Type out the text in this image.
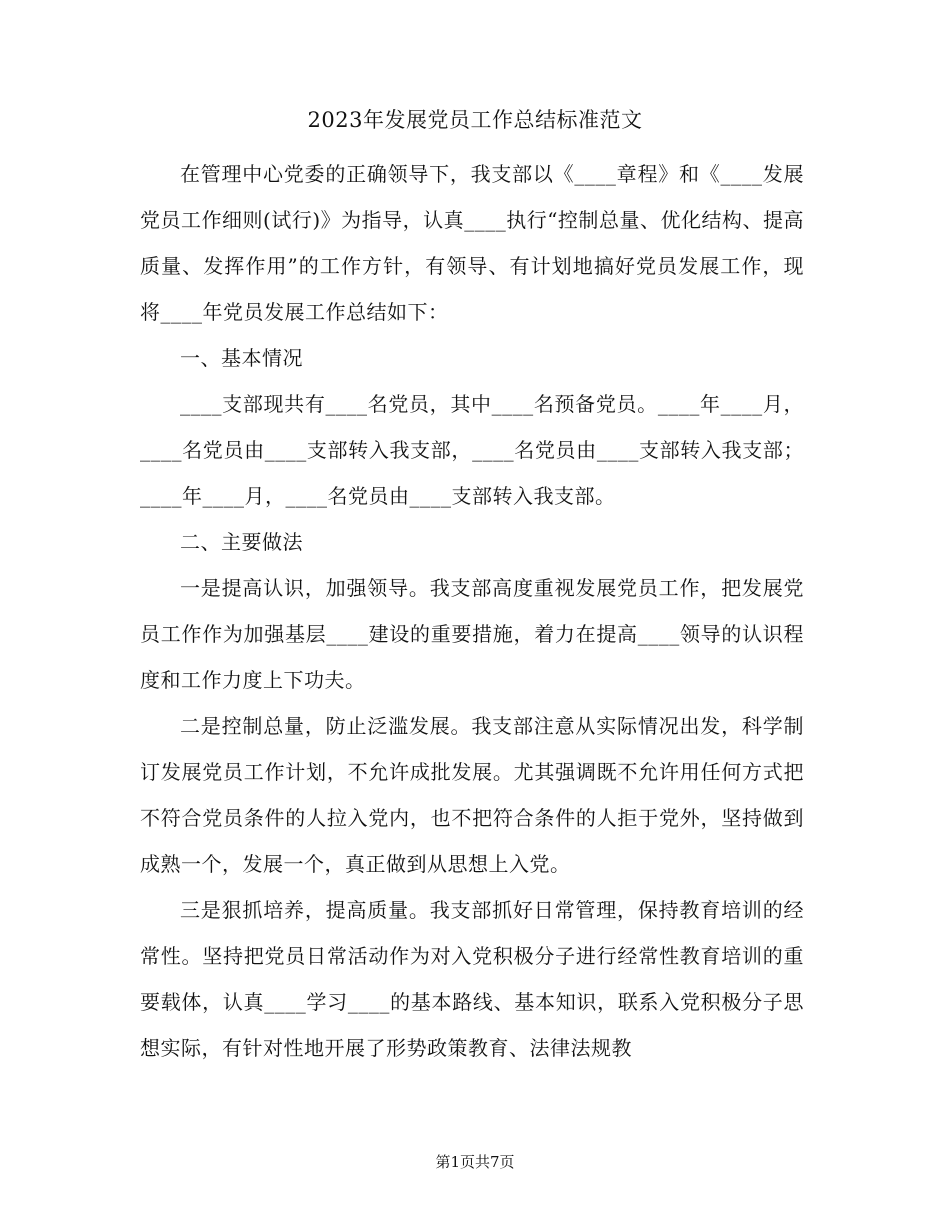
2023年发展党员工作总结标准范文

在管理中心党委的正确领导下，我支部以《____章程》和《____发展党员工作细则(试行)》为指导，认真____执行“控制总量、优化结构、提高质量、发挥作用”的工作方针，有领导、有计划地搞好党员发展工作，现将____年党员发展工作总结如下：

一、基本情况

____支部现共有____名党员，其中____名预备党员。____年____月，____名党员由____支部转入我支部，____名党员由____支部转入我支部；____年____月，____名党员由____支部转入我支部。

二、主要做法

一是提高认识，加强领导。我支部高度重视发展党员工作，把发展党员工作作为加强基层____建设的重要措施，着力在提高____领导的认识程度和工作力度上下功夫。

二是控制总量，防止泛滥发展。我支部注意从实际情况出发，科学制订发展党员工作计划，不允许成批发展。尤其强调既不允许用任何方式把不符合党员条件的人拉入党内，也不把符合条件的人拒于党外，坚持做到成熟一个，发展一个，真正做到从思想上入党。

三是狠抓培养，提高质量。我支部抓好日常管理，保持教育培训的经常性。坚持把党员日常活动作为对入党积极分子进行经常性教育培训的重要载体，认真____学习____的基本路线、基本知识，联系入党积极分子思想实际，有针对性地开展了形势政策教育、法律法规教

第1页共7页
